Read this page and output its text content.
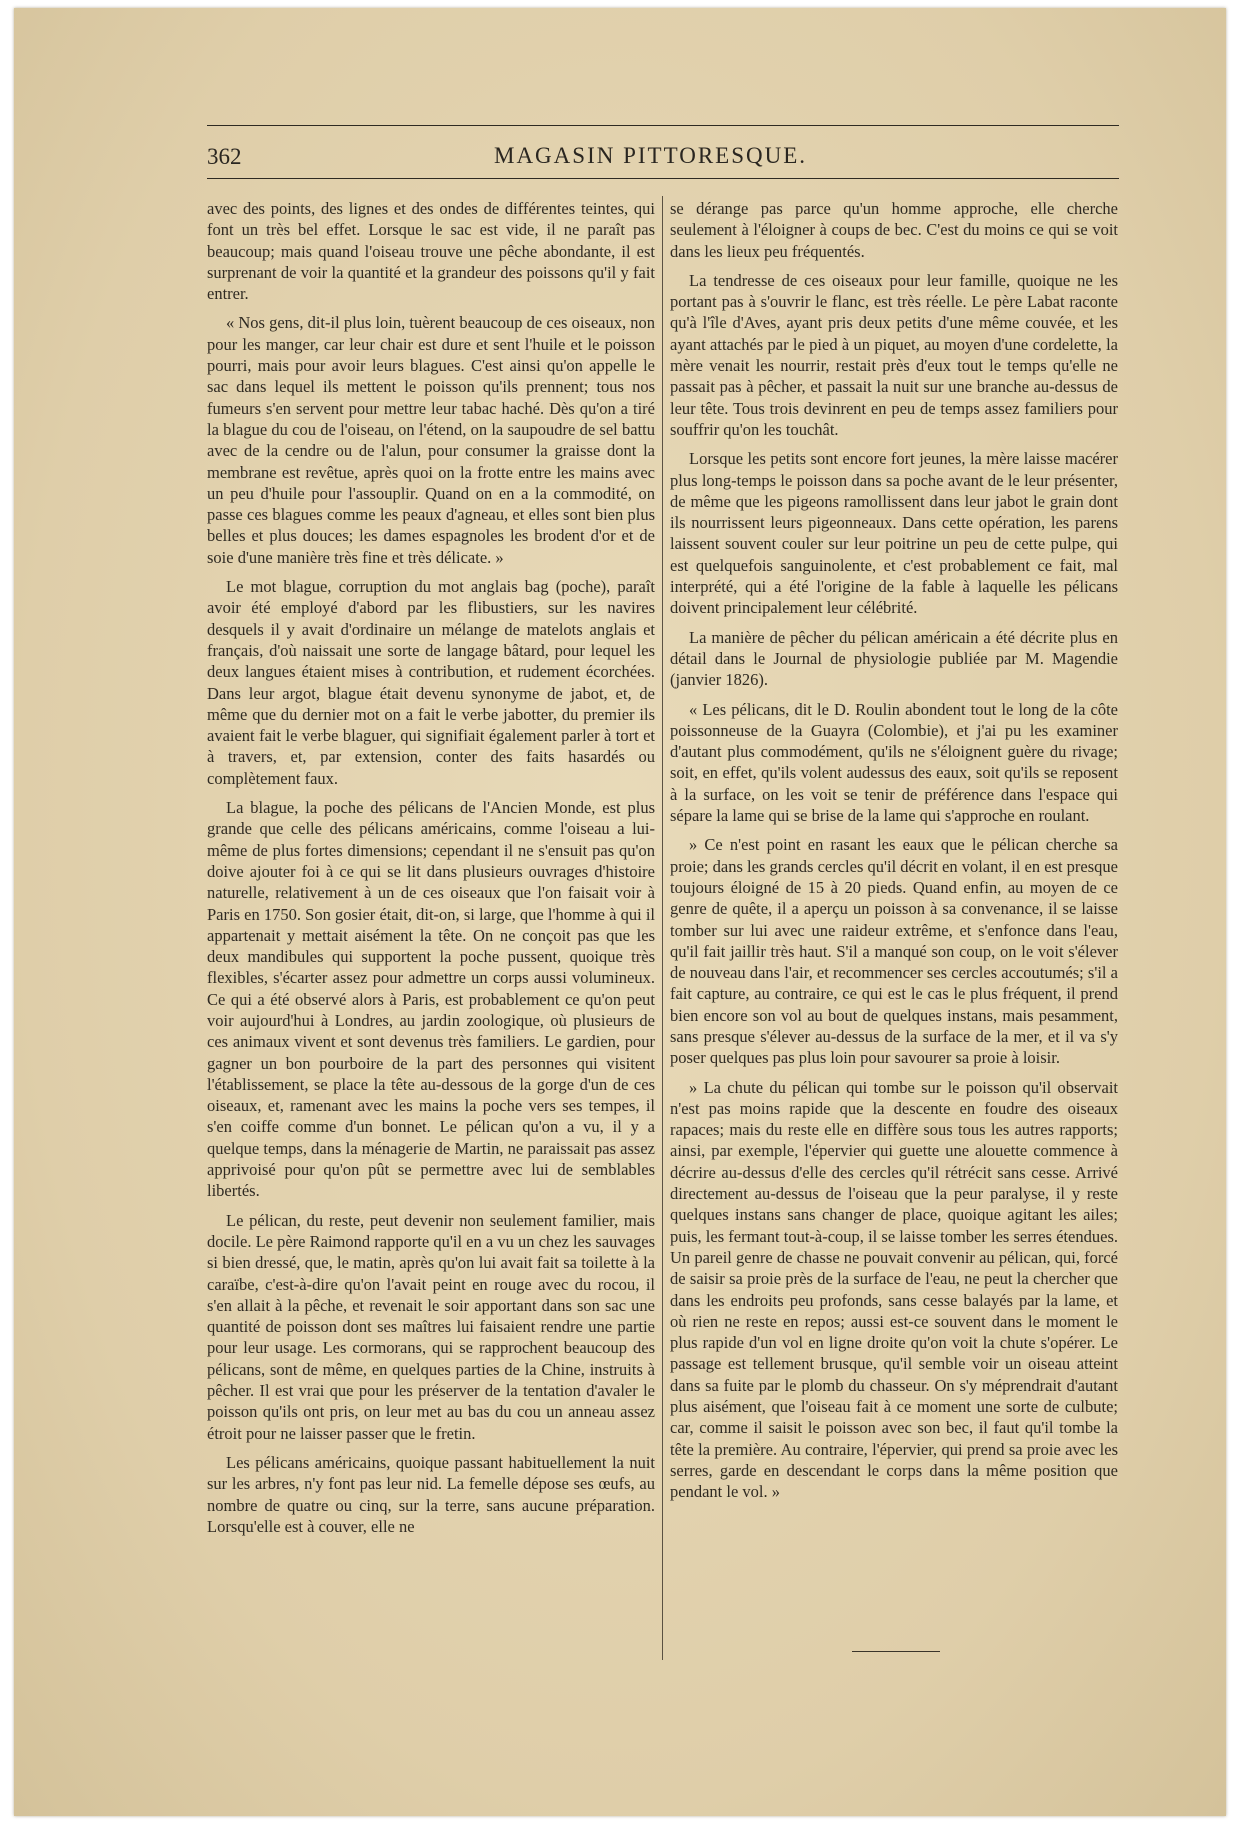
362	MAGASIN PITTORESQUE.

avec des points, des lignes et des ondes de différentes teintes, qui font un très bel effet. Lorsque le sac est vide, il ne paraît pas beaucoup; mais quand l'oiseau trouve une pêche abondante, il est surprenant de voir la quantité et la grandeur des poissons qu'il y fait entrer.

« Nos gens, dit-il plus loin, tuèrent beaucoup de ces oiseaux, non pour les manger, car leur chair est dure et sent l'huile et le poisson pourri, mais pour avoir leurs blagues. C'est ainsi qu'on appelle le sac dans lequel ils mettent le poisson qu'ils prennent; tous nos fumeurs s'en servent pour mettre leur tabac haché. Dès qu'on a tiré la blague du cou de l'oiseau, on l'étend, on la saupoudre de sel battu avec de la cendre ou de l'alun, pour consumer la graisse dont la membrane est revêtue, après quoi on la frotte entre les mains avec un peu d'huile pour l'assouplir. Quand on en a la commodité, on passe ces blagues comme les peaux d'agneau, et elles sont bien plus belles et plus douces; les dames espagnoles les brodent d'or et de soie d'une manière très fine et très délicate. »

Le mot blague, corruption du mot anglais bag (poche), paraît avoir été employé d'abord par les flibustiers, sur les navires desquels il y avait d'ordinaire un mélange de matelots anglais et français, d'où naissait une sorte de langage bâtard, pour lequel les deux langues étaient mises à contribution, et rudement écorchées. Dans leur argot, blague était devenu synonyme de jabot, et, de même que du dernier mot on a fait le verbe jabotter, du premier ils avaient fait le verbe blaguer, qui signifiait également parler à tort et à travers, et, par extension, conter des faits hasardés ou complètement faux.

La blague, la poche des pélicans de l'Ancien Monde, est plus grande que celle des pélicans américains, comme l'oiseau a lui-même de plus fortes dimensions; cependant il ne s'ensuit pas qu'on doive ajouter foi à ce qui se lit dans plusieurs ouvrages d'histoire naturelle, relativement à un de ces oiseaux que l'on faisait voir à Paris en 1750. Son gosier était, dit-on, si large, que l'homme à qui il appartenait y mettait aisément la tête. On ne conçoit pas que les deux mandibules qui supportent la poche pussent, quoique très flexibles, s'écarter assez pour admettre un corps aussi volumineux. Ce qui a été observé alors à Paris, est probablement ce qu'on peut voir aujourd'hui à Londres, au jardin zoologique, où plusieurs de ces animaux vivent et sont devenus très familiers. Le gardien, pour gagner un bon pourboire de la part des personnes qui visitent l'établissement, se place la tête au-dessous de la gorge d'un de ces oiseaux, et, ramenant avec les mains la poche vers ses tempes, il s'en coiffe comme d'un bonnet. Le pélican qu'on a vu, il y a quelque temps, dans la ménagerie de Martin, ne paraissait pas assez apprivoisé pour qu'on pût se permettre avec lui de semblables libertés.

Le pélican, du reste, peut devenir non seulement familier, mais docile. Le père Raimond rapporte qu'il en a vu un chez les sauvages si bien dressé, que, le matin, après qu'on lui avait fait sa toilette à la caraïbe, c'est-à-dire qu'on l'avait peint en rouge avec du rocou, il s'en allait à la pêche, et revenait le soir apportant dans son sac une quantité de poisson dont ses maîtres lui faisaient rendre une partie pour leur usage. Les cormorans, qui se rapprochent beaucoup des pélicans, sont de même, en quelques parties de la Chine, instruits à pêcher. Il est vrai que pour les préserver de la tentation d'avaler le poisson qu'ils ont pris, on leur met au bas du cou un anneau assez étroit pour ne laisser passer que le fretin.

Les pélicans américains, quoique passant habituellement la nuit sur les arbres, n'y font pas leur nid. La femelle dépose ses œufs, au nombre de quatre ou cinq, sur la terre, sans aucune préparation. Lorsqu'elle est à couver, elle ne

se dérange pas parce qu'un homme approche, elle cherche seulement à l'éloigner à coups de bec. C'est du moins ce qui se voit dans les lieux peu fréquentés.

La tendresse de ces oiseaux pour leur famille, quoique ne les portant pas à s'ouvrir le flanc, est très réelle. Le père Labat raconte qu'à l'île d'Aves, ayant pris deux petits d'une même couvée, et les ayant attachés par le pied à un piquet, au moyen d'une cordelette, la mère venait les nourrir, restait près d'eux tout le temps qu'elle ne passait pas à pêcher, et passait la nuit sur une branche au-dessus de leur tête. Tous trois devinrent en peu de temps assez familiers pour souffrir qu'on les touchât.

Lorsque les petits sont encore fort jeunes, la mère laisse macérer plus long-temps le poisson dans sa poche avant de le leur présenter, de même que les pigeons ramollissent dans leur jabot le grain dont ils nourrissent leurs pigeonneaux. Dans cette opération, les parens laissent souvent couler sur leur poitrine un peu de cette pulpe, qui est quelquefois sanguinolente, et c'est probablement ce fait, mal interprété, qui a été l'origine de la fable à laquelle les pélicans doivent principalement leur célébrité.

La manière de pêcher du pélican américain a été décrite plus en détail dans le Journal de physiologie publiée par M. Magendie (janvier 1826).

« Les pélicans, dit le D. Roulin abondent tout le long de la côte poissonneuse de la Guayra (Colombie), et j'ai pu les examiner d'autant plus commodément, qu'ils ne s'éloignent guère du rivage; soit, en effet, qu'ils volent audessus des eaux, soit qu'ils se reposent à la surface, on les voit se tenir de préférence dans l'espace qui sépare la lame qui se brise de la lame qui s'approche en roulant.

» Ce n'est point en rasant les eaux que le pélican cherche sa proie; dans les grands cercles qu'il décrit en volant, il en est presque toujours éloigné de 15 à 20 pieds. Quand enfin, au moyen de ce genre de quête, il a aperçu un poisson à sa convenance, il se laisse tomber sur lui avec une raideur extrême, et s'enfonce dans l'eau, qu'il fait jaillir très haut. S'il a manqué son coup, on le voit s'élever de nouveau dans l'air, et recommencer ses cercles accoutumés; s'il a fait capture, au contraire, ce qui est le cas le plus fréquent, il prend bien encore son vol au bout de quelques instans, mais pesamment, sans presque s'élever au-dessus de la surface de la mer, et il va s'y poser quelques pas plus loin pour savourer sa proie à loisir.

» La chute du pélican qui tombe sur le poisson qu'il observait n'est pas moins rapide que la descente en foudre des oiseaux rapaces; mais du reste elle en diffère sous tous les autres rapports; ainsi, par exemple, l'épervier qui guette une alouette commence à décrire au-dessus d'elle des cercles qu'il rétrécit sans cesse. Arrivé directement au-dessus de l'oiseau que la peur paralyse, il y reste quelques instans sans changer de place, quoique agitant les ailes; puis, les fermant tout-à-coup, il se laisse tomber les serres étendues. Un pareil genre de chasse ne pouvait convenir au pélican, qui, forcé de saisir sa proie près de la surface de l'eau, ne peut la chercher que dans les endroits peu profonds, sans cesse balayés par la lame, et où rien ne reste en repos; aussi est-ce souvent dans le moment le plus rapide d'un vol en ligne droite qu'on voit la chute s'opérer. Le passage est tellement brusque, qu'il semble voir un oiseau atteint dans sa fuite par le plomb du chasseur. On s'y méprendrait d'autant plus aisément, que l'oiseau fait à ce moment une sorte de culbute; car, comme il saisit le poisson avec son bec, il faut qu'il tombe la tête la première. Au contraire, l'épervier, qui prend sa proie avec les serres, garde en descendant le corps dans la même position que pendant le vol. »
